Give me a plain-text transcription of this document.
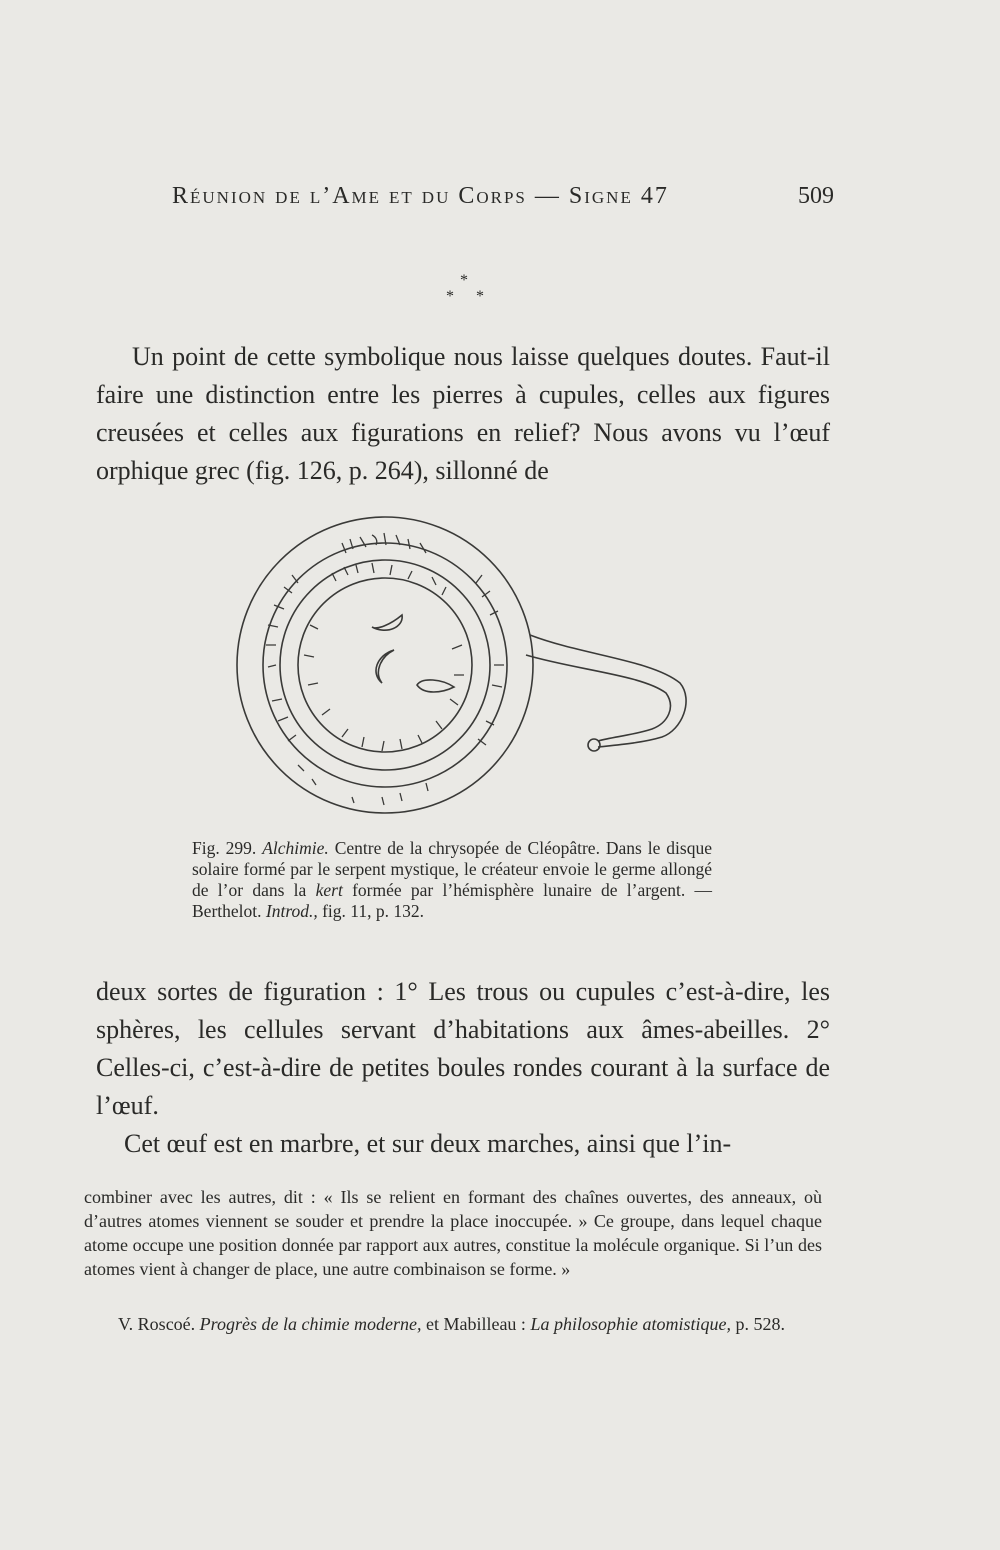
Réunion de l’Ame et du Corps — Signe 47	509
*
* *

Un point de cette symbolique nous laisse quelques doutes. Faut-il faire une distinction entre les pierres à cupules, celles aux figures creusées et celles aux figurations en relief? Nous avons vu l’œuf orphique grec (fig. 126, p. 264), sillonné de

Fig. 299. Alchimie. Centre de la chrysopée de Cléopâtre. Dans le disque solaire formé par le serpent mystique, le créateur envoie le germe allongé de l’or dans la kert formée par l’hémisphère lunaire de l’argent. — Berthelot. Introd., fig. 11, p. 132.

deux sortes de figuration : 1° Les trous ou cupules c’est-à-dire, les sphères, les cellules servant d’habitations aux âmes-abeilles. 2° Celles-ci, c’est-à-dire de petites boules rondes courant à la surface de l’œuf.

Cet œuf est en marbre, et sur deux marches, ainsi que l’in-

combiner avec les autres, dit : « Ils se relient en formant des chaînes ouvertes, des anneaux, où d’autres atomes viennent se souder et prendre la place inoccupée. » Ce groupe, dans lequel chaque atome occupe une position donnée par rapport aux autres, constitue la molécule organique. Si l’un des atomes vient à changer de place, une autre combinaison se forme. »

V. Roscoé. Progrès de la chimie moderne, et Mabilleau : La philosophie atomistique, p. 528.
